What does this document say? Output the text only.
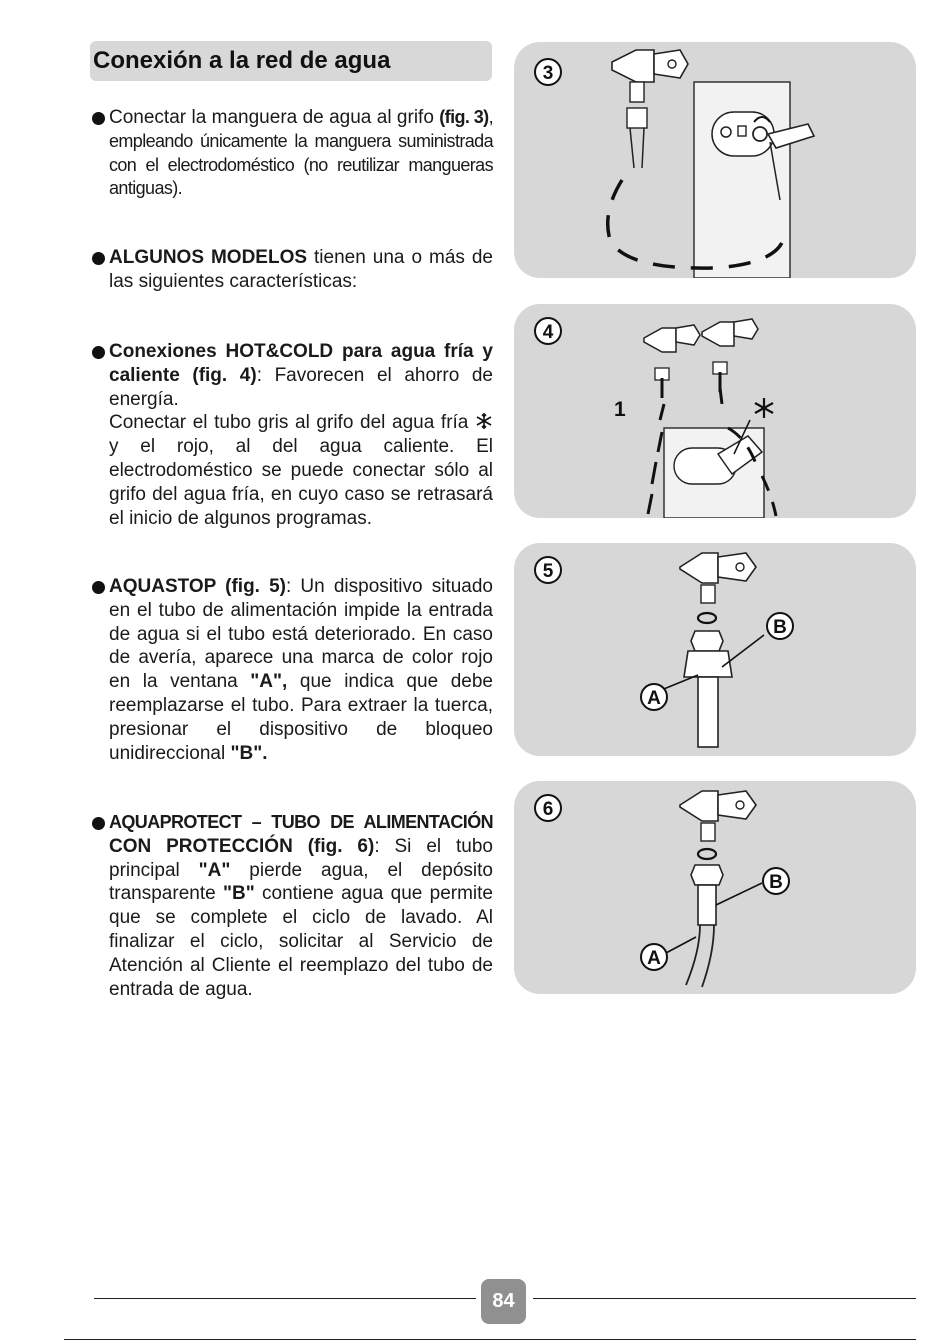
Conexión a la red de agua

Conectar la manguera de agua al grifo (fig. 3), empleando únicamente la manguera suministrada con el electrodoméstico (no reutilizar mangueras antiguas).

ALGUNOS MODELOS tienen una o más de las siguientes características:

Conexiones HOT&COLD para agua fría y caliente (fig. 4): Favorecen el ahorro de energía.

Conectar el tubo gris al grifo del agua fría  y el rojo, al del agua caliente. El electrodoméstico se puede conectar sólo al grifo del agua fría, en cuyo caso se retrasará el inicio de algunos programas.

AQUASTOP (fig. 5): Un dispositivo situado en el tubo de alimentación impide la entrada de agua si el tubo está deteriorado. En caso de avería, aparece una marca de color rojo en la ventana "A", que indica que debe reemplazarse el tubo. Para extraer la tuerca, presionar el dispositivo de bloqueo unidireccional "B".

AQUAPROTECT – TUBO DE ALIMENTACIÓN CON PROTECCIÓN (fig. 6): Si el tubo principal "A" pierde agua, el depósito transparente "B" contiene agua que permite que se complete el ciclo de lavado. Al finalizar el ciclo, solicitar al Servicio de Atención al Cliente el reemplazo del tubo de entrada de agua.

3
4
1
5
B
A
6
B
A
84
